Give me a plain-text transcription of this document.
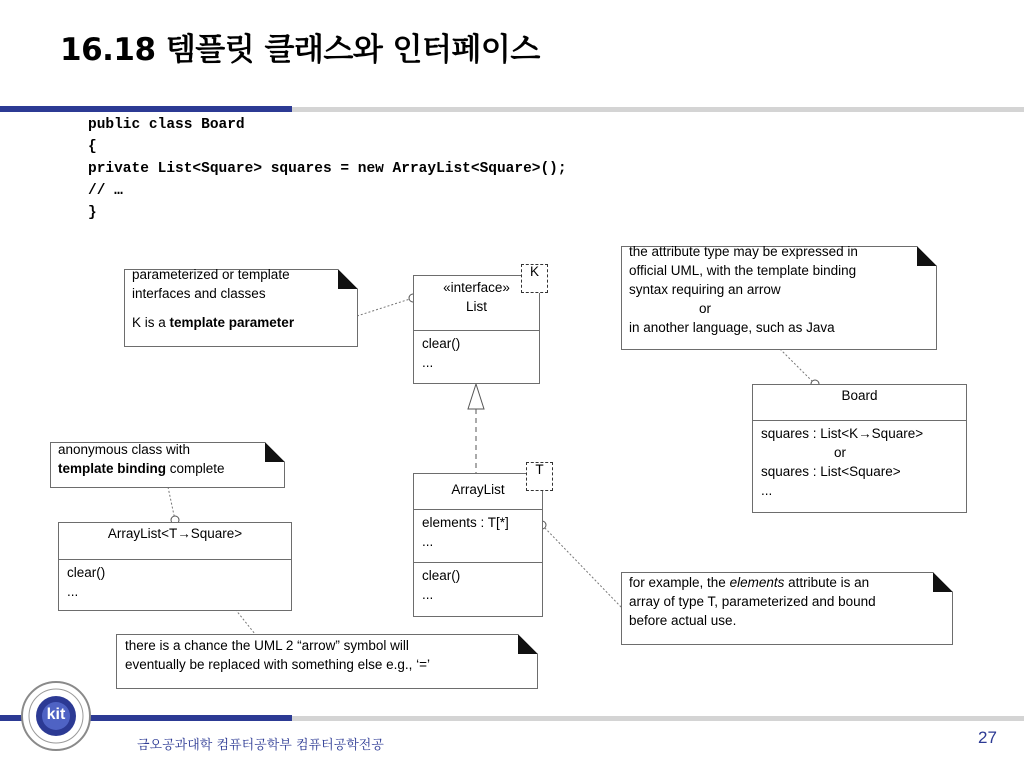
16.18 템플릿 클래스와 인터페이스
public class Board
{
private List<Square> squares = new ArrayList<Square>();
// …
}
parameterized or template
interfaces and classes
K is a template parameter
the attribute type may be expressed in
official UML, with the template binding
syntax requiring an arrow
or
in another language, such as Java
anonymous class with
template binding complete
for example, the elements attribute is an
array of type T, parameterized and bound
before actual use.
there is a chance the UML 2 “arrow” symbol will
eventually be replaced with something else e.g., ‘=’
«interface»
List
clear()
...
K
ArrayList
elements : T[*]
...
clear()
...
T
ArrayList<T→Square>
clear()
...
Board
squares : List<K→Square>
or
squares : List<Square>
...
kit
금오공과대학 컴퓨터공학부 컴퓨터공학전공	27
